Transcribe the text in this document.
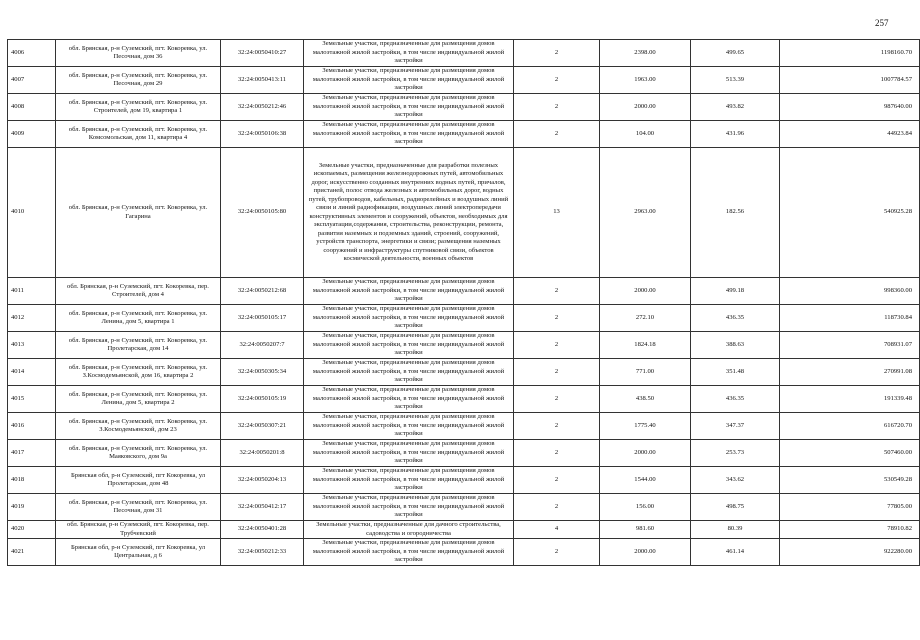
257
4006	обл. Брянская, р-н Суземский, пгт. Кокоревка, ул. Песочная, дом 36	32:24:0050410:27	Земельные участки, предназначенные для размещения домов малоэтажной жилой застройки, в том числе индивидуальной жилой застройки	2	2398.00	499.65	1198160.70
4007	обл. Брянская, р-н Суземский, пгт. Кокоревка, ул. Песочная, дом 29	32:24:0050413:11	Земельные участки, предназначенные для размещения домов малоэтажной жилой застройки, в том числе индивидуальной жилой застройки	2	1963.00	513.39	1007784.57
4008	обл. Брянская, р-н Суземский, пгт. Кокоревка, ул. Строителей, дом 19, квартира 1	32:24:0050212:46	Земельные участки, предназначенные для размещения домов малоэтажной жилой застройки, в том числе индивидуальной жилой застройки	2	2000.00	493.82	987640.00
4009	обл. Брянская, р-н Суземский, пгт. Кокоревка, ул. Комсомольская, дом 11, квартира 4	32:24:0050106:38	Земельные участки, предназначенные для размещения домов малоэтажной жилой застройки, в том числе индивидуальной жилой застройки	2	104.00	431.96	44923.84
4010	обл. Брянская, р-н Суземский, пгт. Кокоревка, ул. Гагарина	32:24:0050105:80	Земельные участки, предназначенные для разработки полезных ископаемых, размещения железнодорожных путей, автомобильных дорог, искусственно созданных внутренних водных путей, причалов, пристаней, полос отвода железных и автомобильных дорог, водных путей, трубопроводов, кабельных, радиорелейных и воздушных линий связи и линий радиофикации, воздушных линий электропередачи конструктивных элементов и сооружений, объектов, необходимых для эксплуатации,содержания, строительства, реконструкции, ремонта, развития наземных и подземных зданий, строений, сооружений, устройств транспорта, энергетики и связи; размещения наземных сооружений и инфраструктуры спутниковой связи, объектов космической деятельности, военных объектов	13	2963.00	182.56	540925.28
4011	обл. Брянская, р-н Суземский, пгт. Кокоревка, пер. Строителей, дом 4	32:24:0050212:68	Земельные участки, предназначенные для размещения домов малоэтажной жилой застройки, в том числе индивидуальной жилой застройки	2	2000.00	499.18	998360.00
4012	обл. Брянская, р-н Суземский, пгт. Кокоревка, ул. Ленина, дом 5, квартира 1	32:24:0050105:17	Земельные участки, предназначенные для размещения домов малоэтажной жилой застройки, в том числе индивидуальной жилой застройки	2	272.10	436.35	118730.84
4013	обл. Брянская, р-н Суземский, пгт. Кокоревка, ул. Пролетарская, дом 14	32:24:0050207:7	Земельные участки, предназначенные для размещения домов малоэтажной жилой застройки, в том числе индивидуальной жилой застройки	2	1824.18	388.63	708931.07
4014	обл. Брянская, р-н Суземский, пгт. Кокоревка, ул. З.Космодемьянской, дом 16, квартира 2	32:24:0050305:34	Земельные участки, предназначенные для размещения домов малоэтажной жилой застройки, в том числе индивидуальной жилой застройки	2	771.00	351.48	270991.08
4015	обл. Брянская, р-н Суземский, пгт. Кокоревка, ул. Ленина, дом 5, квартира 2	32:24:0050105:19	Земельные участки, предназначенные для размещения домов малоэтажной жилой застройки, в том числе индивидуальной жилой застройки	2	438.50	436.35	191339.48
4016	обл. Брянская, р-н Суземский, пгт. Кокоревка, ул. З.Космодемьянской, дом 23	32:24:0050307:21	Земельные участки, предназначенные для размещения домов малоэтажной жилой застройки, в том числе индивидуальной жилой застройки	2	1775.40	347.37	616720.70
4017	обл. Брянская, р-н Суземский, пгт. Кокоревка, ул. Маяковского, дом 9а	32:24:0050201:8	Земельные участки, предназначенные для размещения домов малоэтажной жилой застройки, в том числе индивидуальной жилой застройки	2	2000.00	253.73	507460.00
4018	Брянская обл, р-н Суземский, пгт Кокоревка, ул Пролетарская, дом 48	32:24:0050204:13	Земельные участки, предназначенные для размещения домов малоэтажной жилой застройки, в том числе индивидуальной жилой застройки	2	1544.00	343.62	530549.28
4019	обл. Брянская, р-н Суземский, пгт. Кокоревка, ул. Песочная, дом 31	32:24:0050412:17	Земельные участки, предназначенные для размещения домов малоэтажной жилой застройки, в том числе индивидуальной жилой застройки	2	156.00	498.75	77805.00
4020	обл. Брянская, р-н Суземский, пгт. Кокоревка, пер. Трубчевский	32:24:0050401:28	Земельные участки, предназначенные для дачного строительства, садоводства и огородничества	4	981.60	80.39	78910.82
4021	Брянская обл, р-н Суземский, пгт Кокоревка, ул Центральная, д 6	32:24:0050212:33	Земельные участки, предназначенные для размещения домов малоэтажной жилой застройки, в том числе индивидуальной жилой застройки	2	2000.00	461.14	922280.00
